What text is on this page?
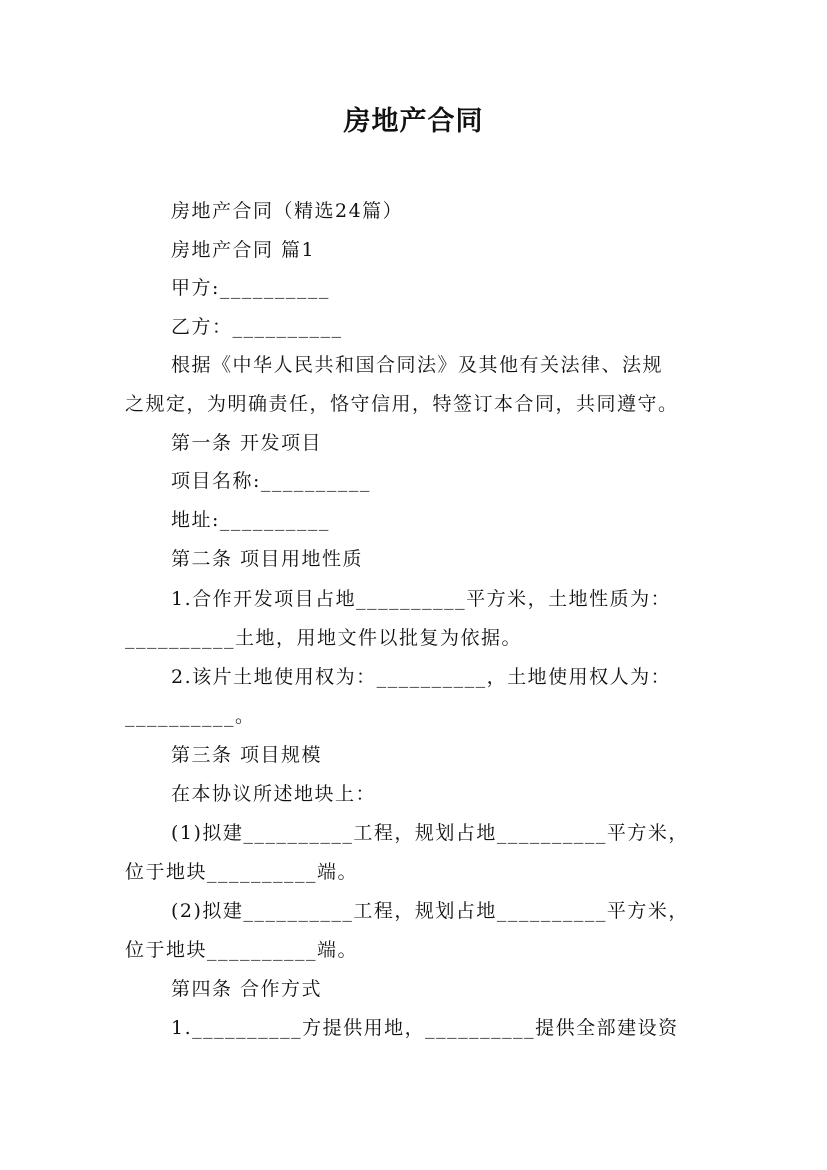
房地产合同
房地产合同（精选24篇）
房地产合同 篇1
甲方:__________
乙方：__________
根据《中华人民共和国合同法》及其他有关法律、法规
之规定，为明确责任，恪守信用，特签订本合同，共同遵守。
第一条 开发项目
项目名称:__________
地址:__________
第二条 项目用地性质
1.合作开发项目占地__________平方米，土地性质为：
__________土地，用地文件以批复为依据。
2.该片土地使用权为：__________，土地使用权人为：
__________。
第三条 项目规模
在本协议所述地块上：
(1)拟建__________工程，规划占地__________平方米，
位于地块__________端。
(2)拟建__________工程，规划占地__________平方米，
位于地块__________端。
第四条 合作方式
1.__________方提供用地，__________提供全部建设资
